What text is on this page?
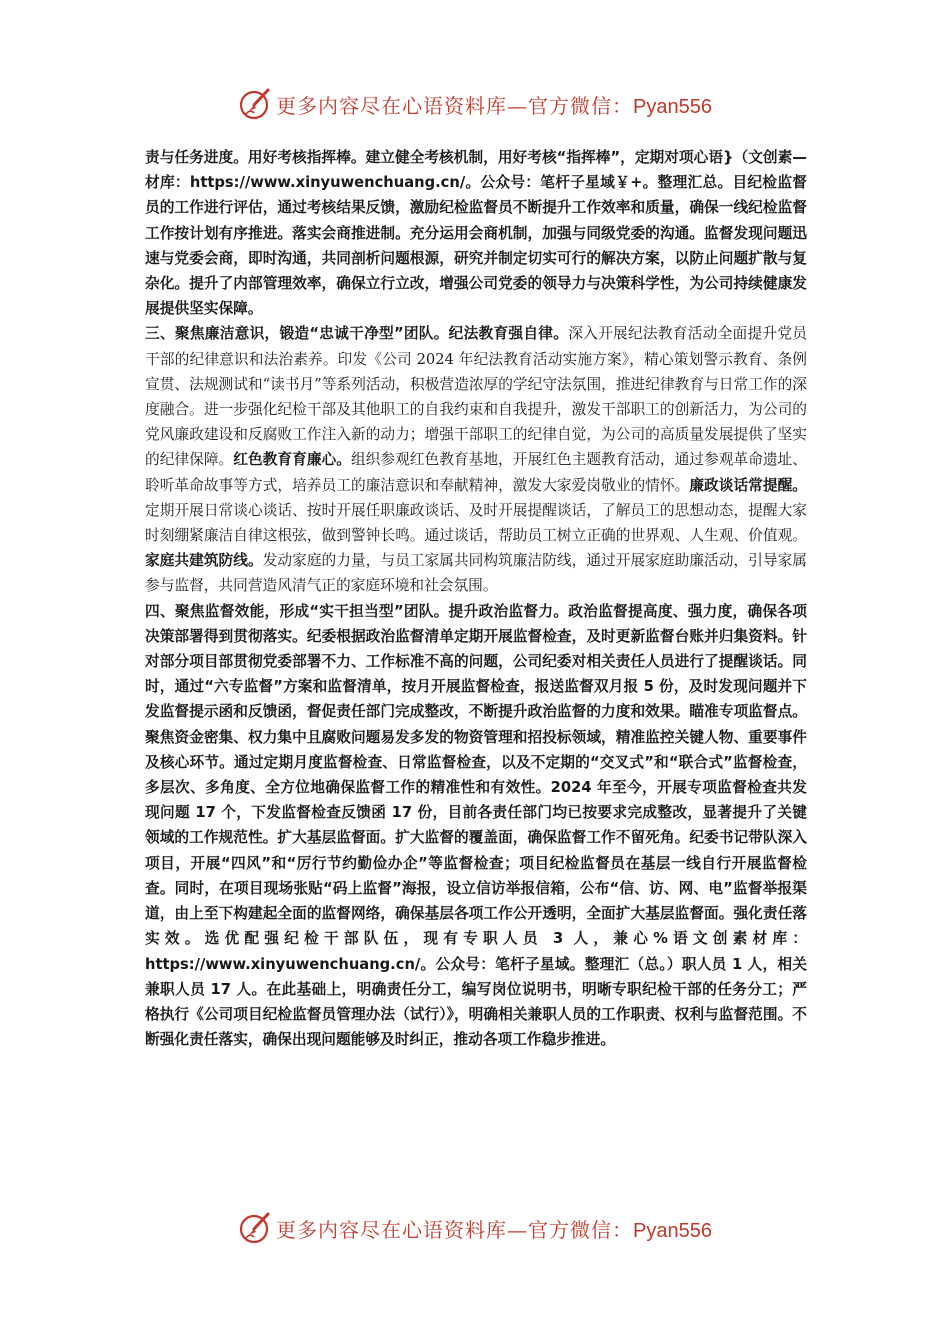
更多内容尽在心语资料库—官方微信：Pyan556

责与任务进度。用好考核指挥棒。建立健全考核机制，用好考核“指挥棒”，定期对项心语}（文创素—材库：https://www.xinyuwenchuang.cn/。公众号：笔杆子星域￥+。整理汇总。目纪检监督员的工作进行评估，通过考核结果反馈，激励纪检监督员不断提升工作效率和质量，确保一线纪检监督工作按计划有序推进。落实会商推进制。充分运用会商机制，加强与同级党委的沟通。监督发现问题迅速与党委会商，即时沟通，共同剖析问题根源，研究并制定切实可行的解决方案，以防止问题扩散与复杂化。提升了内部管理效率，确保立行立改，增强公司党委的领导力与决策科学性，为公司持续健康发展提供坚实保障。

三、聚焦廉洁意识，锻造“忠诚干净型”团队。纪法教育强自律。深入开展纪法教育活动全面提升党员干部的纪律意识和法治素养。印发《公司 2024 年纪法教育活动实施方案》，精心策划警示教育、条例宣贯、法规测试和“读书月”等系列活动，积极营造浓厚的学纪守法氛围，推进纪律教育与日常工作的深度融合。进一步强化纪检干部及其他职工的自我约束和自我提升，激发干部职工的创新活力，为公司的党风廉政建设和反腐败工作注入新的动力；增强干部职工的纪律自觉，为公司的高质量发展提供了坚实的纪律保障。红色教育育廉心。组织参观红色教育基地，开展红色主题教育活动，通过参观革命遗址、聆听革命故事等方式，培养员工的廉洁意识和奉献精神，激发大家爱岗敬业的情怀。廉政谈话常提醒。定期开展日常谈心谈话、按时开展任职廉政谈话、及时开展提醒谈话，了解员工的思想动态，提醒大家时刻绷紧廉洁自律这根弦，做到警钟长鸣。通过谈话，帮助员工树立正确的世界观、人生观、价值观。家庭共建筑防线。发动家庭的力量，与员工家属共同构筑廉洁防线，通过开展家庭助廉活动，引导家属参与监督，共同营造风清气正的家庭环境和社会氛围。

四、聚焦监督效能，形成“实干担当型”团队。提升政治监督力。政治监督提高度、强力度，确保各项决策部署得到贯彻落实。纪委根据政治监督清单定期开展监督检查，及时更新监督台账并归集资料。针对部分项目部贯彻党委部署不力、工作标准不高的问题，公司纪委对相关责任人员进行了提醒谈话。同时，通过“六专监督”方案和监督清单，按月开展监督检查，报送监督双月报 5 份，及时发现问题并下发监督提示函和反馈函，督促责任部门完成整改，不断提升政治监督的力度和效果。瞄准专项监督点。聚焦资金密集、权力集中且腐败问题易发多发的物资管理和招投标领域，精准监控关键人物、重要事件及核心环节。通过定期月度监督检查、日常监督检查，以及不定期的“交叉式”和“联合式”监督检查，多层次、多角度、全方位地确保监督工作的精准性和有效性。2024 年至今，开展专项监督检查共发现问题 17 个，下发监督检查反馈函 17 份，目前各责任部门均已按要求完成整改，显著提升了关键领域的工作规范性。扩大基层监督面。扩大监督的覆盖面，确保监督工作不留死角。纪委书记带队深入项目，开展“四风”和“厉行节约勤俭办企”等监督检查；项目纪检监督员在基层一线自行开展监督检查。同时，在项目现场张贴“码上监督”海报，设立信访举报信箱，公布“信、访、网、电”监督举报渠道，由上至下构建起全面的监督网络，确保基层各项工作公开透明，全面扩大基层监督面。强化责任落实效。选优配强纪检干部队伍，现有专职人员 3 人，兼心%语文创素材库：https://www.xinyuwenchuang.cn/。公众号：笔杆子星域。整理汇（总。）职人员 1 人，相关兼职人员 17 人。在此基础上，明确责任分工，编写岗位说明书，明晰专职纪检干部的任务分工；严格执行《公司项目纪检监督员管理办法（试行）》，明确相关兼职人员的工作职责、权利与监督范围。不断强化责任落实，确保出现问题能够及时纠正，推动各项工作稳步推进。

更多内容尽在心语资料库—官方微信：Pyan556
